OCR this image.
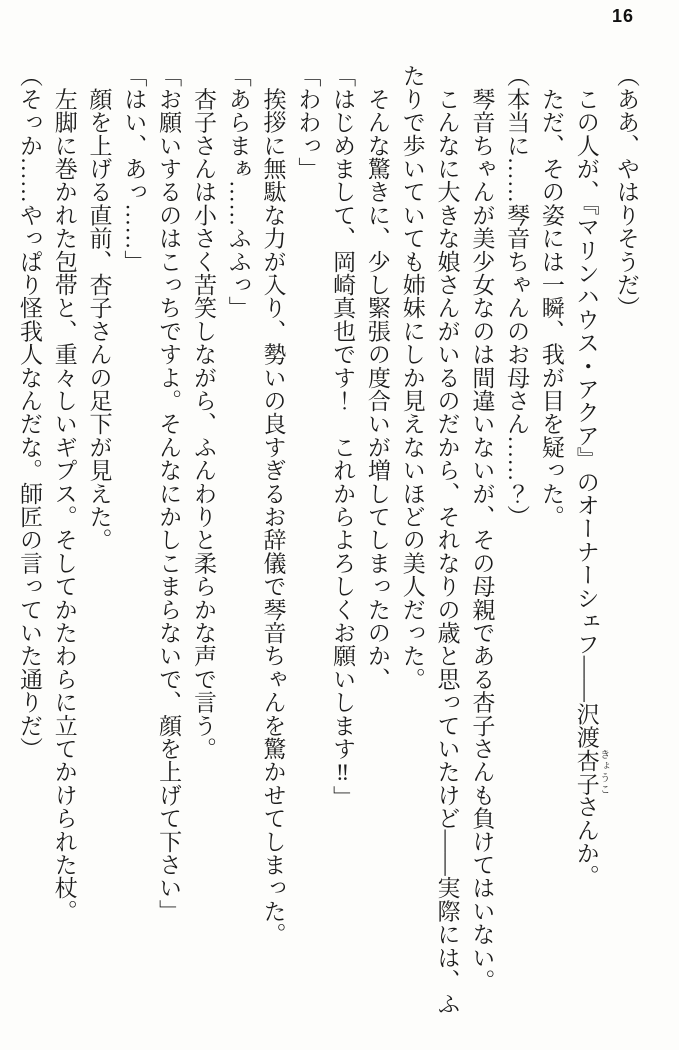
16

（ああ、やはりそうだ）

　この人が、『マリンハウス・アクア』のオーナーシェフ――沢渡杏子 きょうこさんか。

　ただ、その姿には一瞬、我が目を疑った。

（本当に……琴音ちゃんのお母さん……？）

　琴音ちゃんが美少女なのは間違いないが、その母親である杏子さんも負けてはいない。

　こんなに大きな娘さんがいるのだから、それなりの歳と思っていたけど――実際には、ふ

たりで歩いていても姉妹にしか見えないほどの美人だった。

　そんな驚きに、少し緊張の度合いが増してしまったのか、

「はじめまして、岡崎真也です！　これからよろしくお願いします‼」

「わわっ」

　挨拶に無駄な力が入り、勢いの良すぎるお辞儀で琴音ちゃんを驚かせてしまった。

「あらまぁ……ふふっ」

　杏子さんは小さく苦笑しながら、ふんわりと柔らかな声で言う。

「お願いするのはこっちですよ。そんなにかしこまらないで、顔を上げて下さい」

「はい、あっ……」

　顔を上げる直前、杏子さんの足下が見えた。

　左脚に巻かれた包帯と、重々しいギプス。そしてかたわらに立てかけられた杖。

（そっか……やっぱり怪我人なんだな。師匠の言っていた通りだ）
